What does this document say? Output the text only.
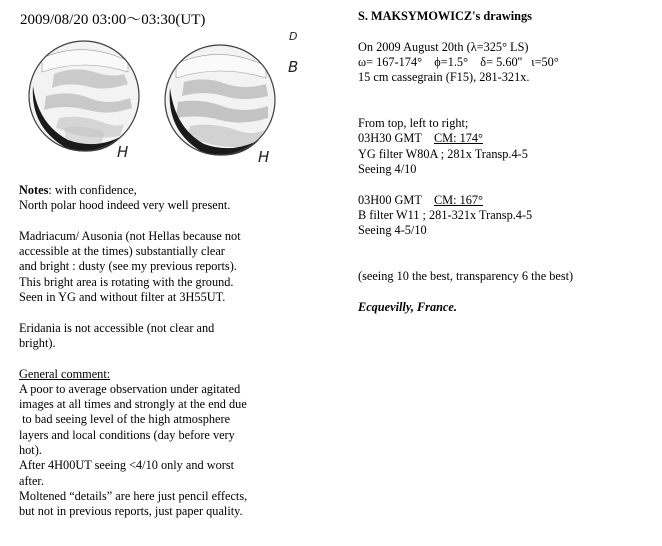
2009/08/20 03:00～03:30(UT)
H
D
B
H

Notes: with confidence,

North polar hood indeed very well present.

Madriacum/ Ausonia (not Hellas because not

accessible at the times) substantially clear

and bright : dusty (see my previous reports).

This bright area is rotating with the ground.

Seen in YG and without filter at 3H55UT.

Eridania is not accessible (not clear and

bright).

General comment:

A poor to average observation under agitated

images at all times and strongly at the end due

to bad seeing level of the high atmosphere

layers and local conditions (day before very

hot).

After 4H00UT seeing <4/10 only and worst

after.

Moltened “details” are here just pencil effects,

but not in previous reports, just paper quality.

S. MAKSYMOWICZ's drawings

On 2009 August 20th (λ=325° LS)

ω= 167-174°    ϕ=1.5°    δ= 5.60''   ι=50°

15 cm cassegrain (F15), 281-321x.

From top, left to right;

03H30 GMT    CM: 174°

YG filter W80A ; 281x Transp.4-5

Seeing 4/10

03H00 GMT    CM: 167°

B filter W11 ; 281-321x Transp.4-5

Seeing 4-5/10

(seeing 10 the best, transparency 6 the best)

Ecquevilly, France.
